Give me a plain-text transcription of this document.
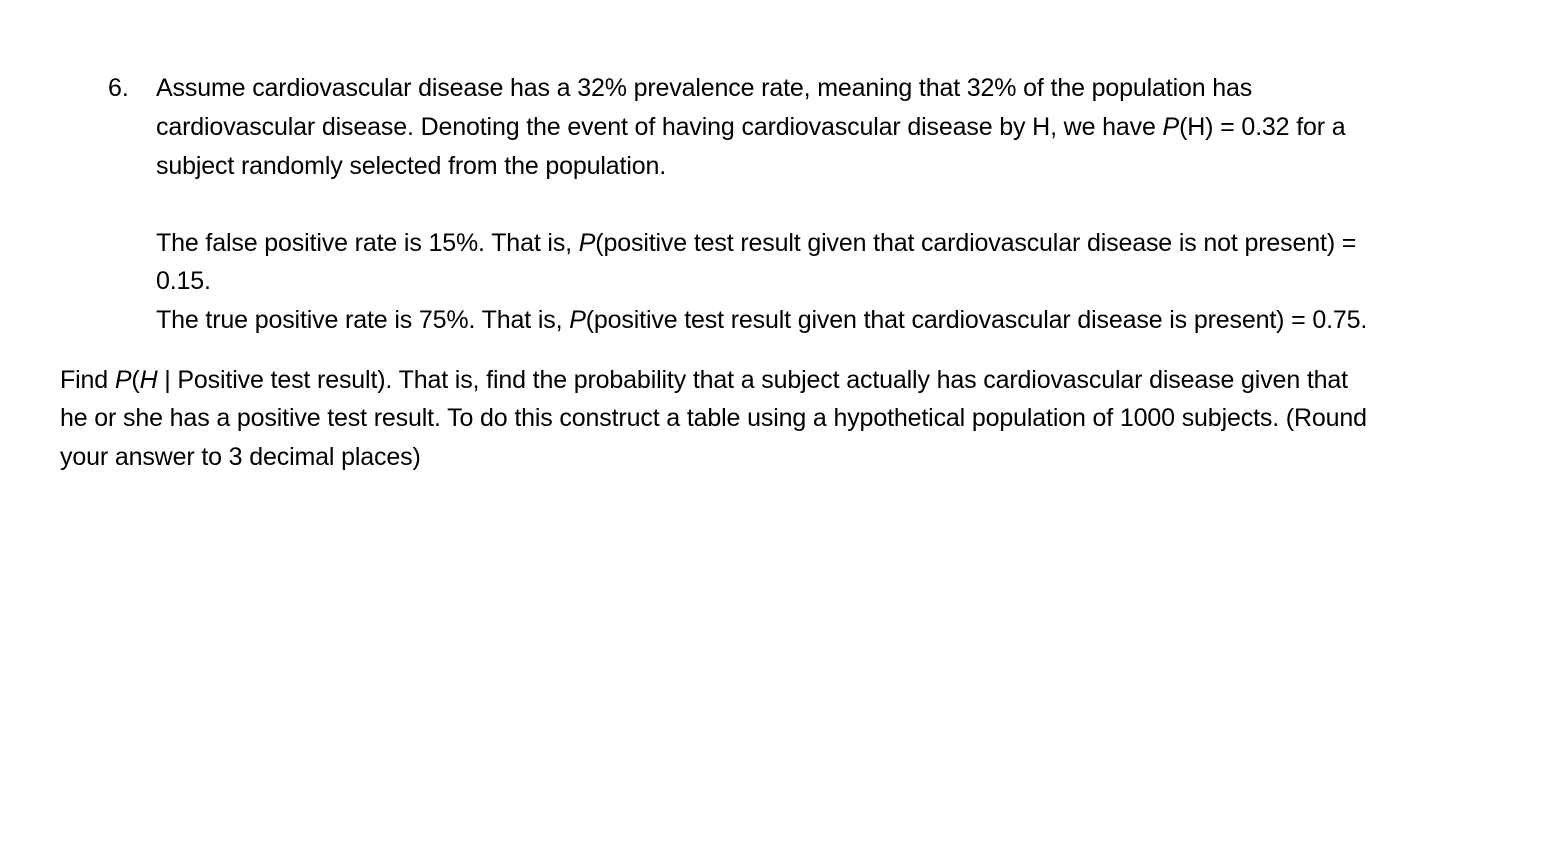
6. Assume cardiovascular disease has a 32% prevalence rate, meaning that 32% of the population has
cardiovascular disease. Denoting the event of having cardiovascular disease by H, we have P(H) = 0.32 for a
subject randomly selected from the population.
The false positive rate is 15%. That is, P(positive test result given that cardiovascular disease is not present) =
0.15.
The true positive rate is 75%. That is, P(positive test result given that cardiovascular disease is present) = 0.75.
Find P(H | Positive test result). That is, find the probability that a subject actually has cardiovascular disease given that
he or she has a positive test result. To do this construct a table using a hypothetical population of 1000 subjects. (Round
your answer to 3 decimal places)
